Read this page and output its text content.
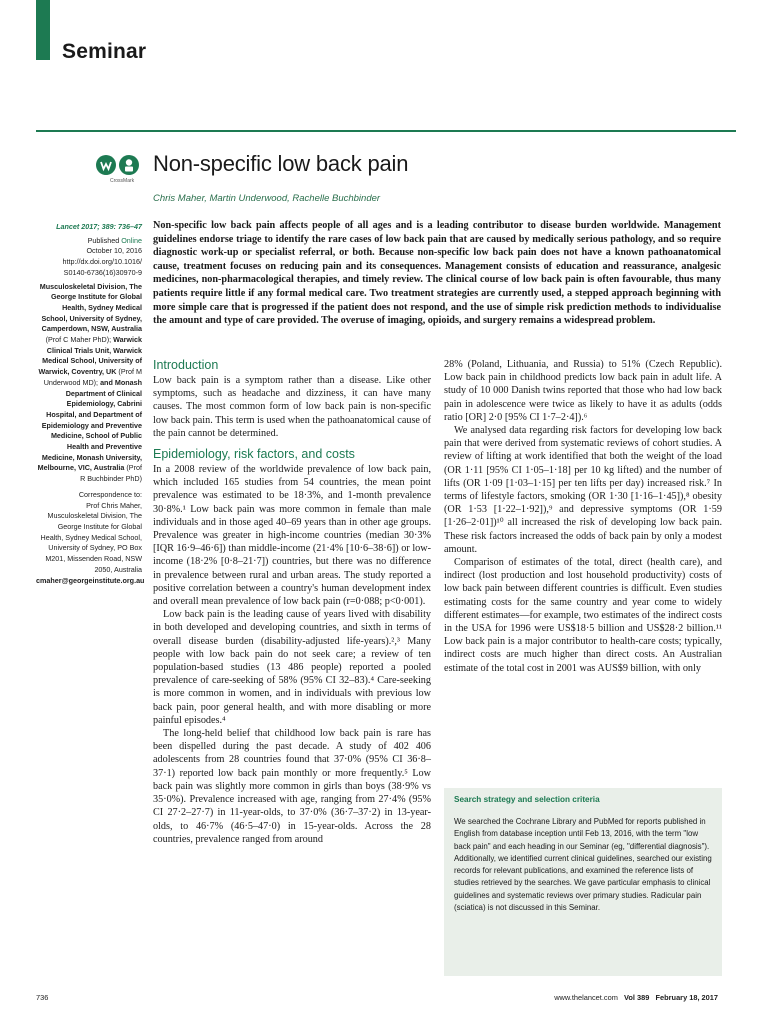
Seminar
CrossMark
Non-specific low back pain
Chris Maher, Martin Underwood, Rachelle Buchbinder
Lancet 2017; 389: 736–47
Published Online
October 10, 2016
http://dx.doi.org/10.1016/
S0140-6736(16)30970-9
Musculoskeletal Division, The George Institute for Global Health, Sydney Medical School, University of Sydney, Camperdown, NSW, Australia (Prof C Maher PhD); Warwick Clinical Trials Unit, Warwick Medical School, University of Warwick, Coventry, UK (Prof M Underwood MD); and Monash Department of Clinical Epidemiology, Cabrini Hospital, and Department of Epidemiology and Preventive Medicine, School of Public Health and Preventive Medicine, Monash University, Melbourne, VIC, Australia (Prof R Buchbinder PhD)
Correspondence to:
Prof Chris Maher, Musculoskeletal Division, The George Institute for Global Health, Sydney Medical School, University of Sydney, PO Box M201, Missenden Road, NSW 2050, Australia
cmaher@georgeinstitute.org.au
Non-specific low back pain affects people of all ages and is a leading contributor to disease burden worldwide. Management guidelines endorse triage to identify the rare cases of low back pain that are caused by medically serious pathology, and so require diagnostic work-up or specialist referral, or both. Because non-specific low back pain does not have a known pathoanatomical cause, treatment focuses on reducing pain and its consequences. Management consists of education and reassurance, analgesic medicines, non-pharmacological therapies, and timely review. The clinical course of low back pain is often favourable, thus many patients require little if any formal medical care. Two treatment strategies are currently used, a stepped approach beginning with more simple care that is progressed if the patient does not respond, and the use of simple risk prediction methods to individualise the amount and type of care provided. The overuse of imaging, opioids, and surgery remains a widespread problem.
Introduction

Low back pain is a symptom rather than a disease. Like other symptoms, such as headache and dizziness, it can have many causes. The most common form of low back pain is non-specific low back pain. This term is used when the pathoanatomical cause of the pain cannot be determined.

Epidemiology, risk factors, and costs

In a 2008 review of the worldwide prevalence of low back pain, which included 165 studies from 54 countries, the mean point prevalence was estimated to be 18·3%, and 1-month prevalence 30·8%.¹ Low back pain was more common in female than male individuals and in those aged 40–69 years than in other age groups. Prevalence was greater in high-income countries (median 30·3% [IQR 16·9–46·6]) than middle-income (21·4% [10·6–38·6]) or low-income (18·2% [0·8–21·7]) countries, but there was no difference in prevalence between rural and urban areas. The study reported a positive correlation between a country's human development index and overall mean prevalence of low back pain (r=0·088; p<0·001).

Low back pain is the leading cause of years lived with disability in both developed and developing countries, and sixth in terms of overall disease burden (disability-adjusted life-years).²,³ Many people with low back pain do not seek care; a review of ten population-based studies (13 486 people) reported a pooled prevalence of care-seeking of 58% (95% CI 32–83).⁴ Care-seeking is more common in women, and in individuals with previous low back pain, poor general health, and with more disabling or more painful episodes.⁴

The long-held belief that childhood low back pain is rare has been dispelled during the past decade. A study of 402 406 adolescents from 28 countries found that 37·0% (95% CI 36·8–37·1) reported low back pain monthly or more frequently.⁵ Low back pain was slightly more common in girls than boys (38·9% vs 35·0%). Prevalence increased with age, ranging from 27·4% (95% CI 27·2–27·7) in 11-year-olds, to 37·0% (36·7–37·2) in 13-year-olds, to 46·7% (46·5–47·0) in 15-year-olds. Across the 28 countries, prevalence ranged from around

28% (Poland, Lithuania, and Russia) to 51% (Czech Republic). Low back pain in childhood predicts low back pain in adult life. A study of 10 000 Danish twins reported that those who had low back pain in adolescence were twice as likely to have it as adults (odds ratio [OR] 2·0 [95% CI 1·7–2·4]).⁶

We analysed data regarding risk factors for developing low back pain that were derived from systematic reviews of cohort studies. A review of lifting at work identified that both the weight of the load (OR 1·11 [95% CI 1·05–1·18] per 10 kg lifted) and the number of lifts (OR 1·09 [1·03–1·15] per ten lifts per day) increased risk.⁷ In terms of lifestyle factors, smoking (OR 1·30 [1·16–1·45]),⁸ obesity (OR 1·53 [1·22–1·92]),⁹ and depressive symptoms (OR 1·59 [1·26–2·01])¹⁰ all increased the risk of developing low back pain. These risk factors increased the odds of back pain by only a modest amount.

Comparison of estimates of the total, direct (health care), and indirect (lost production and lost household productivity) costs of low back pain between different countries is difficult. Even studies estimating costs for the same country and year come to widely different estimates—for example, two estimates of the indirect costs in the USA for 1996 were US$18·5 billion and US$28·2 billion.¹¹ Low back pain is a major contributor to health-care costs; typically, indirect costs are much higher than direct costs. An Australian estimate of the total cost in 2001 was AUS$9 billion, with only

Search strategy and selection criteria
We searched the Cochrane Library and PubMed for reports published in English from database inception until Feb 13, 2016, with the term "low back pain" and each heading in our Seminar (eg, "differential diagnosis"). Additionally, we identified current clinical guidelines, searched our existing records for relevant publications, and examined the reference lists of studies retrieved by the searches. We gave particular emphasis to clinical guidelines and systematic reviews over primary studies. Radicular pain (sciatica) is not discussed in this Seminar.
736	www.thelancet.com Vol 389 February 18, 2017
